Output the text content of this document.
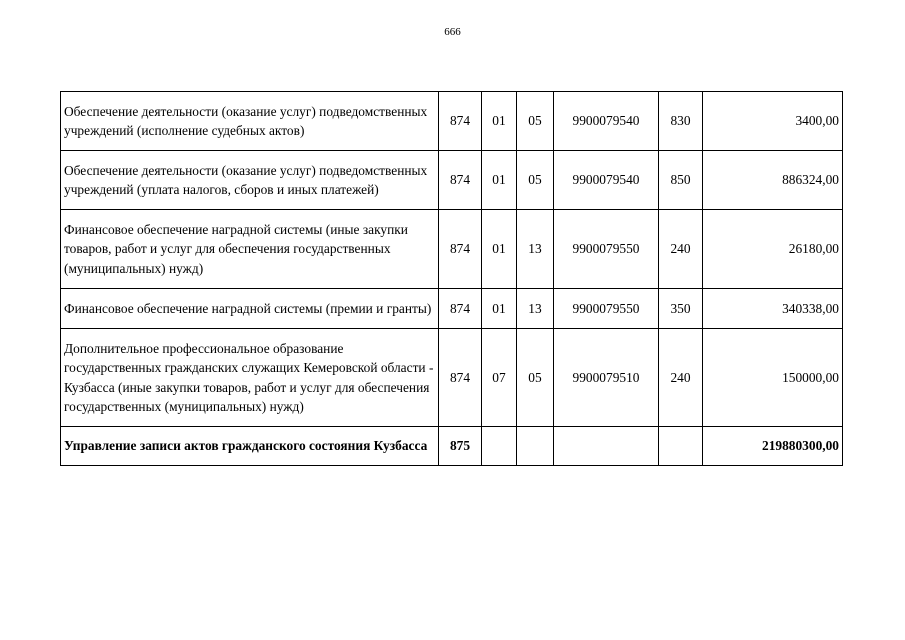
666
Обеспечение деятельности (оказание услуг) подведомственных учреждений (исполнение судебных актов)	874	01	05	9900079540	830	3400,00
Обеспечение деятельности (оказание услуг) подведомственных учреждений (уплата налогов, сборов и иных платежей)	874	01	05	9900079540	850	886324,00
Финансовое обеспечение наградной системы (иные закупки товаров, работ и услуг для обеспечения государственных (муниципальных) нужд)	874	01	13	9900079550	240	26180,00
Финансовое обеспечение наградной системы (премии и гранты)	874	01	13	9900079550	350	340338,00
Дополнительное профессиональное образование государственных гражданских служащих Кемеровской области - Кузбасса (иные закупки товаров, работ и услуг для обеспечения государственных (муниципальных) нужд)	874	07	05	9900079510	240	150000,00
Управление записи актов гражданского состояния Кузбасса	875					219880300,00
